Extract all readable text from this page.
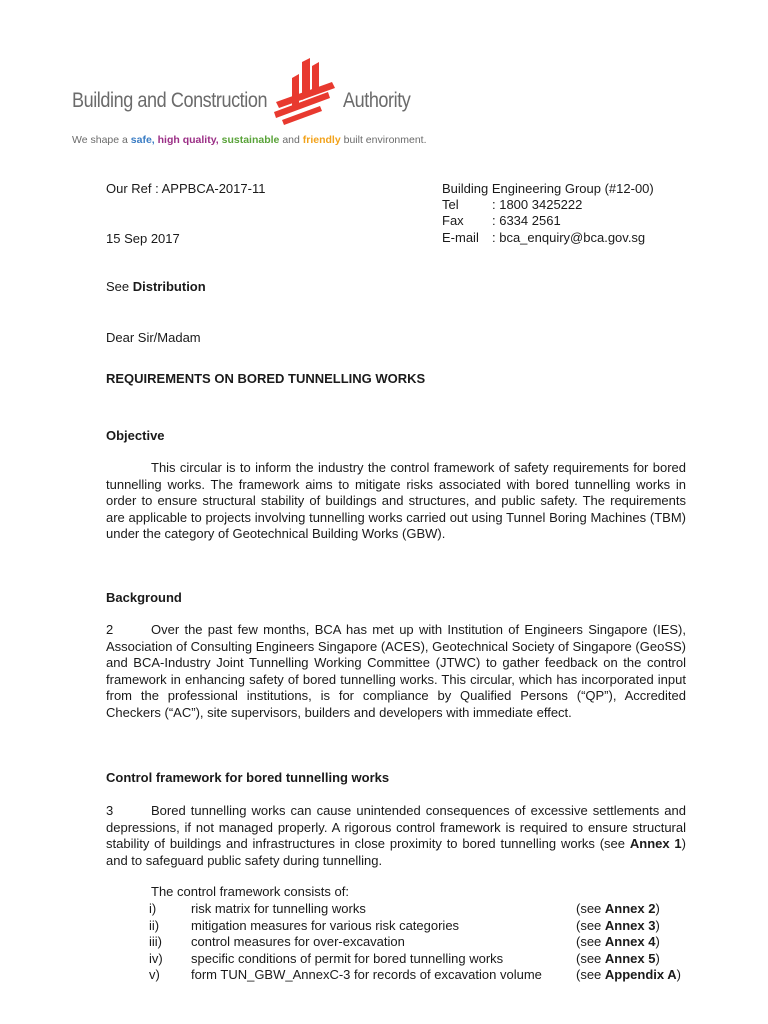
Building and Construction	Authority
We shape a safe, high quality, sustainable and friendly built environment.
Our Ref : APPBCA-2017-11
15 Sep 2017
Building Engineering Group (#12-00)
Tel	: 1800 3425222
Fax : 6334 2561
E-mail : bca_enquiry@bca.gov.sg
See Distribution
Dear Sir/Madam
REQUIREMENTS ON BORED TUNNELLING WORKS
Objective
This circular is to inform the industry the control framework of safety requirements for bored tunnelling works. The framework aims to mitigate risks associated with bored tunnelling works in order to ensure structural stability of buildings and structures, and public safety. The requirements are applicable to projects involving tunnelling works carried out using Tunnel Boring Machines (TBM) under the category of Geotechnical Building Works (GBW).
Background
2	Over the past few months, BCA has met up with Institution of Engineers Singapore (IES), Association of Consulting Engineers Singapore (ACES), Geotechnical Society of Singapore (GeoSS) and BCA-Industry Joint Tunnelling Working Committee (JTWC) to gather feedback on the control framework in enhancing safety of bored tunnelling works. This circular, which has incorporated input from the professional institutions, is for compliance by Qualified Persons (“QP”), Accredited Checkers (“AC”), site supervisors, builders and developers with immediate effect.
Control framework for bored tunnelling works
3	Bored tunnelling works can cause unintended consequences of excessive settlements and depressions, if not managed properly. A rigorous control framework is required to ensure structural stability of buildings and infrastructures in close proximity to bored tunnelling works (see Annex 1) and to safeguard public safety during tunnelling.
The control framework consists of:
i)	risk matrix for tunnelling works	(see Annex 2)
ii) mitigation measures for various risk categories	(see Annex 3)
iii) control measures for over-excavation	(see Annex 4)
iv) specific conditions of permit for bored tunnelling works	(see Annex 5)
v) form TUN_GBW_AnnexC-3 for records of excavation volume	(see Appendix A)
